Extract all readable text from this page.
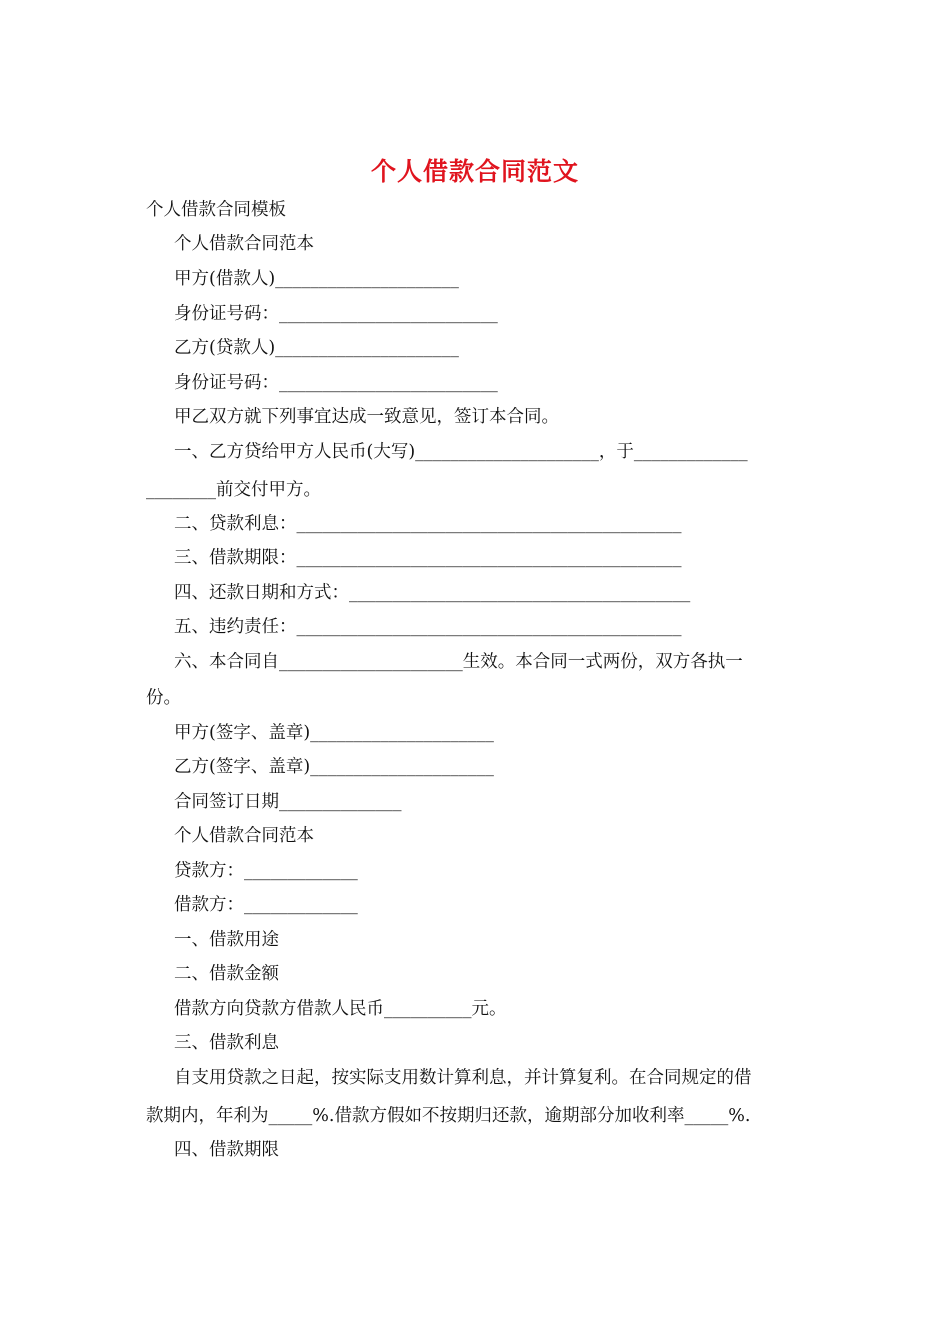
个人借款合同范文
个人借款合同模板
个人借款合同范本
甲方(借款人)_____________________
身份证号码：_________________________
乙方(贷款人)_____________________
身份证号码：_________________________
甲乙双方就下列事宜达成一致意见，签订本合同。
一、乙方贷给甲方人民币(大写)_____________________，于_____________
________前交付甲方。
二、贷款利息：____________________________________________
三、借款期限：____________________________________________
四、还款日期和方式：_______________________________________
五、违约责任：____________________________________________
六、本合同自_____________________生效。本合同一式两份，双方各执一
份。
甲方(签字、盖章)_____________________
乙方(签字、盖章)_____________________
合同签订日期______________
个人借款合同范本
贷款方：_____________
借款方：_____________
一、借款用途
二、借款金额
借款方向贷款方借款人民币__________元。
三、借款利息
自支用贷款之日起，按实际支用数计算利息，并计算复利。在合同规定的借
款期内，年利为_____%.借款方假如不按期归还款，逾期部分加收利率_____%.
四、借款期限
